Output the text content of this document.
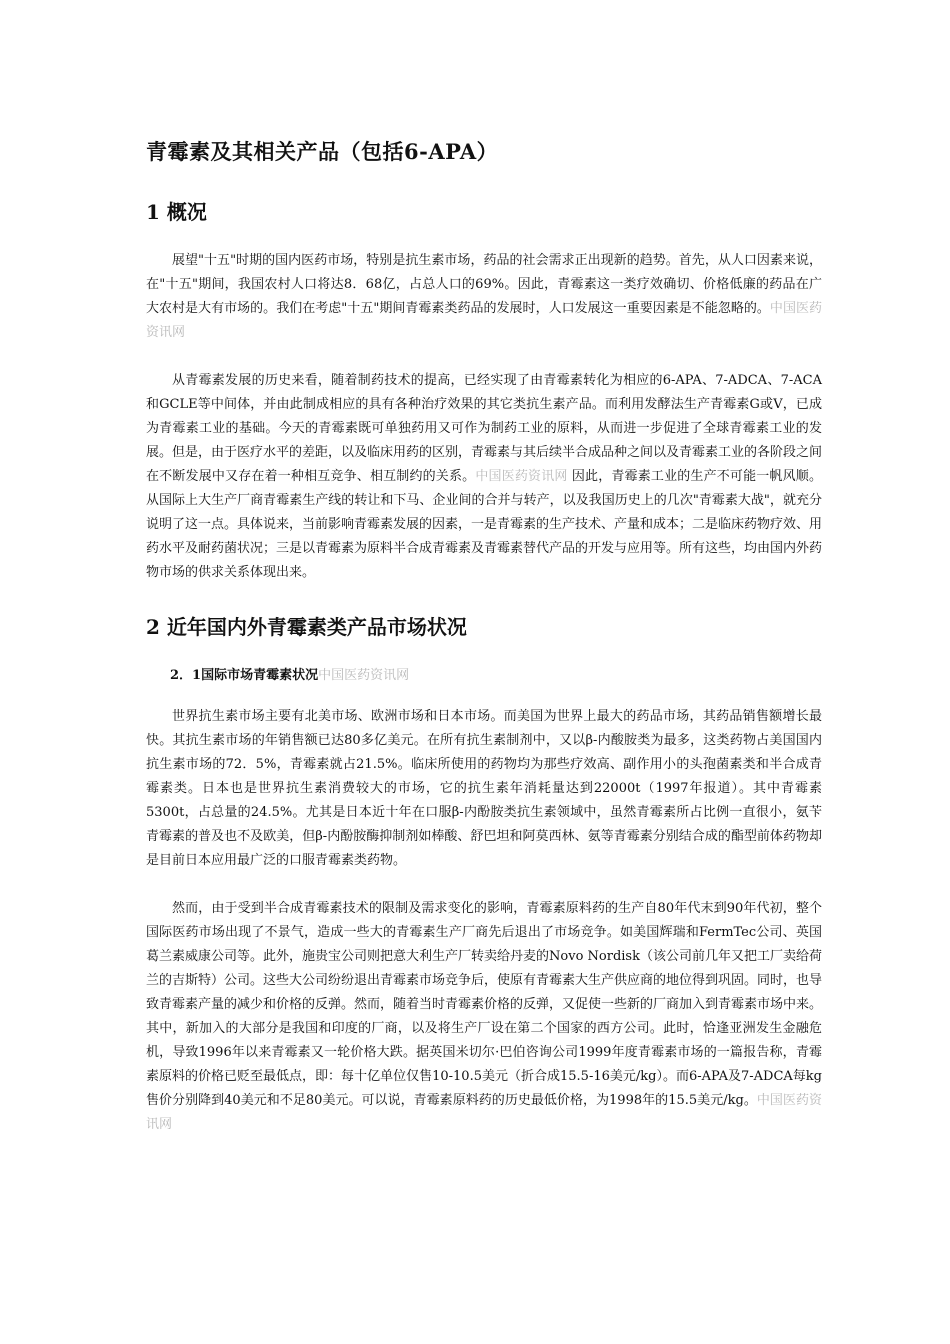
青霉素及其相关产品（包括6-APA）
1 概况

展望"十五"时期的国内医药市场，特别是抗生素市场，药品的社会需求正出现新的趋势。首先，从人口因素来说，在"十五"期间，我国农村人口将达8．68亿，占总人口的69%。因此，青霉素这一类疗效确切、价格低廉的药品在广大农村是大有市场的。我们在考虑"十五"期间青霉素类药品的发展时，人口发展这一重要因素是不能忽略的。中国医药资讯网

从青霉素发展的历史来看，随着制药技术的提高，已经实现了由青霉素转化为相应的6-APA、7-ADCA、7-ACA和GCLE等中间体，并由此制成相应的具有各种治疗效果的其它类抗生素产品。而利用发酵法生产青霉素G或V，已成为青霉素工业的基础。今天的青霉素既可单独药用又可作为制药工业的原料，从而进一步促进了全球青霉素工业的发展。但是，由于医疗水平的差距，以及临床用药的区别，青霉素与其后续半合成品种之间以及青霉素工业的各阶段之间在不断发展中又存在着一种相互竞争、相互制约的关系。中国医药资讯网 因此，青霉素工业的生产不可能一帆风顺。从国际上大生产厂商青霉素生产线的转让和下马、企业间的合并与转产，以及我国历史上的几次"青霉素大战"，就充分说明了这一点。具体说来，当前影响青霉素发展的因素，一是青霉素的生产技术、产量和成本；二是临床药物疗效、用药水平及耐药菌状况；三是以青霉素为原料半合成青霉素及青霉素替代产品的开发与应用等。所有这些，均由国内外药物市场的供求关系体现出来。

2 近年国内外青霉素类产品市场状况
2．1国际市场青霉素状况中国医药资讯网

世界抗生素市场主要有北美市场、欧洲市场和日本市场。而美国为世界上最大的药品市场，其药品销售额增长最快。其抗生素市场的年销售额已达80多亿美元。在所有抗生素制剂中，又以β-内酸胺类为最多，这类药物占美国国内抗生素市场的72．5%，青霉素就占21.5%。临床所使用的药物均为那些疗效高、副作用小的头孢菌素类和半合成青霉素类。日本也是世界抗生素消费较大的市场，它的抗生素年消耗量达到22000t（1997年报道）。其中青霉素5300t，占总量的24.5%。尤其是日本近十年在口服β-内酚胺类抗生素领域中，虽然青霉素所占比例一直很小，氨苄青霉素的普及也不及欧美，但β-内酚胺酶抑制剂如棒酸、舒巴坦和阿莫西林、氨等青霉素分别结合成的酯型前体药物却是目前日本应用最广泛的口服青霉素类药物。

然而，由于受到半合成青霉素技术的限制及需求变化的影响，青霉素原料药的生产自80年代末到90年代初，整个国际医药市场出现了不景气，造成一些大的青霉素生产厂商先后退出了市场竞争。如美国辉瑞和FermTec公司、英国葛兰素威康公司等。此外，施贵宝公司则把意大利生产厂转卖给丹麦的Novo Nordisk（该公司前几年又把工厂卖给荷兰的吉斯特）公司。这些大公司纷纷退出青霉素市场竞争后，使原有青霉素大生产供应商的地位得到巩固。同时，也导致青霉素产量的减少和价格的反弹。然而，随着当时青霉素价格的反弹，又促使一些新的厂商加入到青霉素市场中来。其中，新加入的大部分是我国和印度的厂商，以及将生产厂设在第二个国家的西方公司。此时，恰逢亚洲发生金融危机，导致1996年以来青霉素又一轮价格大跌。据英国米切尔·巴伯咨询公司1999年度青霉素市场的一篇报告称，青霉素原料的价格已贬至最低点，即：每十亿单位仅售10-10.5美元（折合成15.5-16美元/kg）。而6-APA及7-ADCA每kg售价分别降到40美元和不足80美元。可以说，青霉素原料药的历史最低价格，为1998年的15.5美元/kg。中国医药资讯网
